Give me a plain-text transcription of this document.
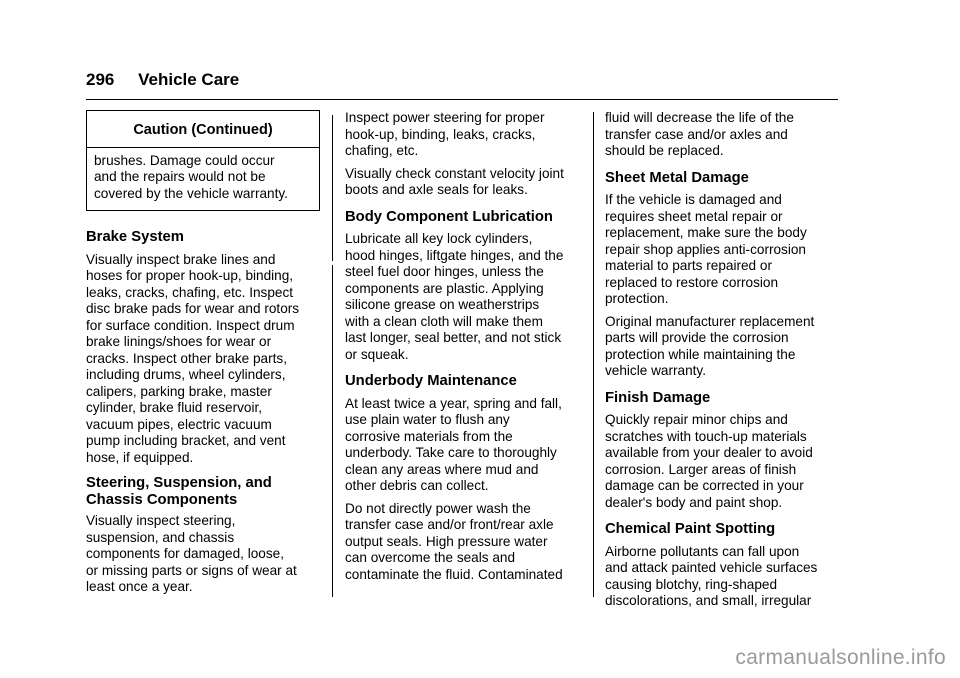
296 Vehicle Care
Caution (Continued)
brushes. Damage could occur
and the repairs would not be
covered by the vehicle warranty.
Brake System

Visually inspect brake lines and
hoses for proper hook-up, binding,
leaks, cracks, chafing, etc. Inspect
disc brake pads for wear and rotors
for surface condition. Inspect drum
brake linings/shoes for wear or
cracks. Inspect other brake parts,
including drums, wheel cylinders,
calipers, parking brake, master
cylinder, brake fluid reservoir,
vacuum pipes, electric vacuum
pump including bracket, and vent
hose, if equipped.

Steering, Suspension, and
Chassis Components

Visually inspect steering,
suspension, and chassis
components for damaged, loose,
or missing parts or signs of wear at
least once a year.

Inspect power steering for proper
hook-up, binding, leaks, cracks,
chafing, etc.

Visually check constant velocity joint
boots and axle seals for leaks.

Body Component Lubrication

Lubricate all key lock cylinders,
hood hinges, liftgate hinges, and the
steel fuel door hinges, unless the
components are plastic. Applying
silicone grease on weatherstrips
with a clean cloth will make them
last longer, seal better, and not stick
or squeak.

Underbody Maintenance

At least twice a year, spring and fall,
use plain water to flush any
corrosive materials from the
underbody. Take care to thoroughly
clean any areas where mud and
other debris can collect.

Do not directly power wash the
transfer case and/or front/rear axle
output seals. High pressure water
can overcome the seals and
contaminate the fluid. Contaminated

fluid will decrease the life of the
transfer case and/or axles and
should be replaced.

Sheet Metal Damage

If the vehicle is damaged and
requires sheet metal repair or
replacement, make sure the body
repair shop applies anti-corrosion
material to parts repaired or
replaced to restore corrosion
protection.

Original manufacturer replacement
parts will provide the corrosion
protection while maintaining the
vehicle warranty.

Finish Damage

Quickly repair minor chips and
scratches with touch-up materials
available from your dealer to avoid
corrosion. Larger areas of finish
damage can be corrected in your
dealer's body and paint shop.

Chemical Paint Spotting

Airborne pollutants can fall upon
and attack painted vehicle surfaces
causing blotchy, ring-shaped
discolorations, and small, irregular

carmanualsonline.info
